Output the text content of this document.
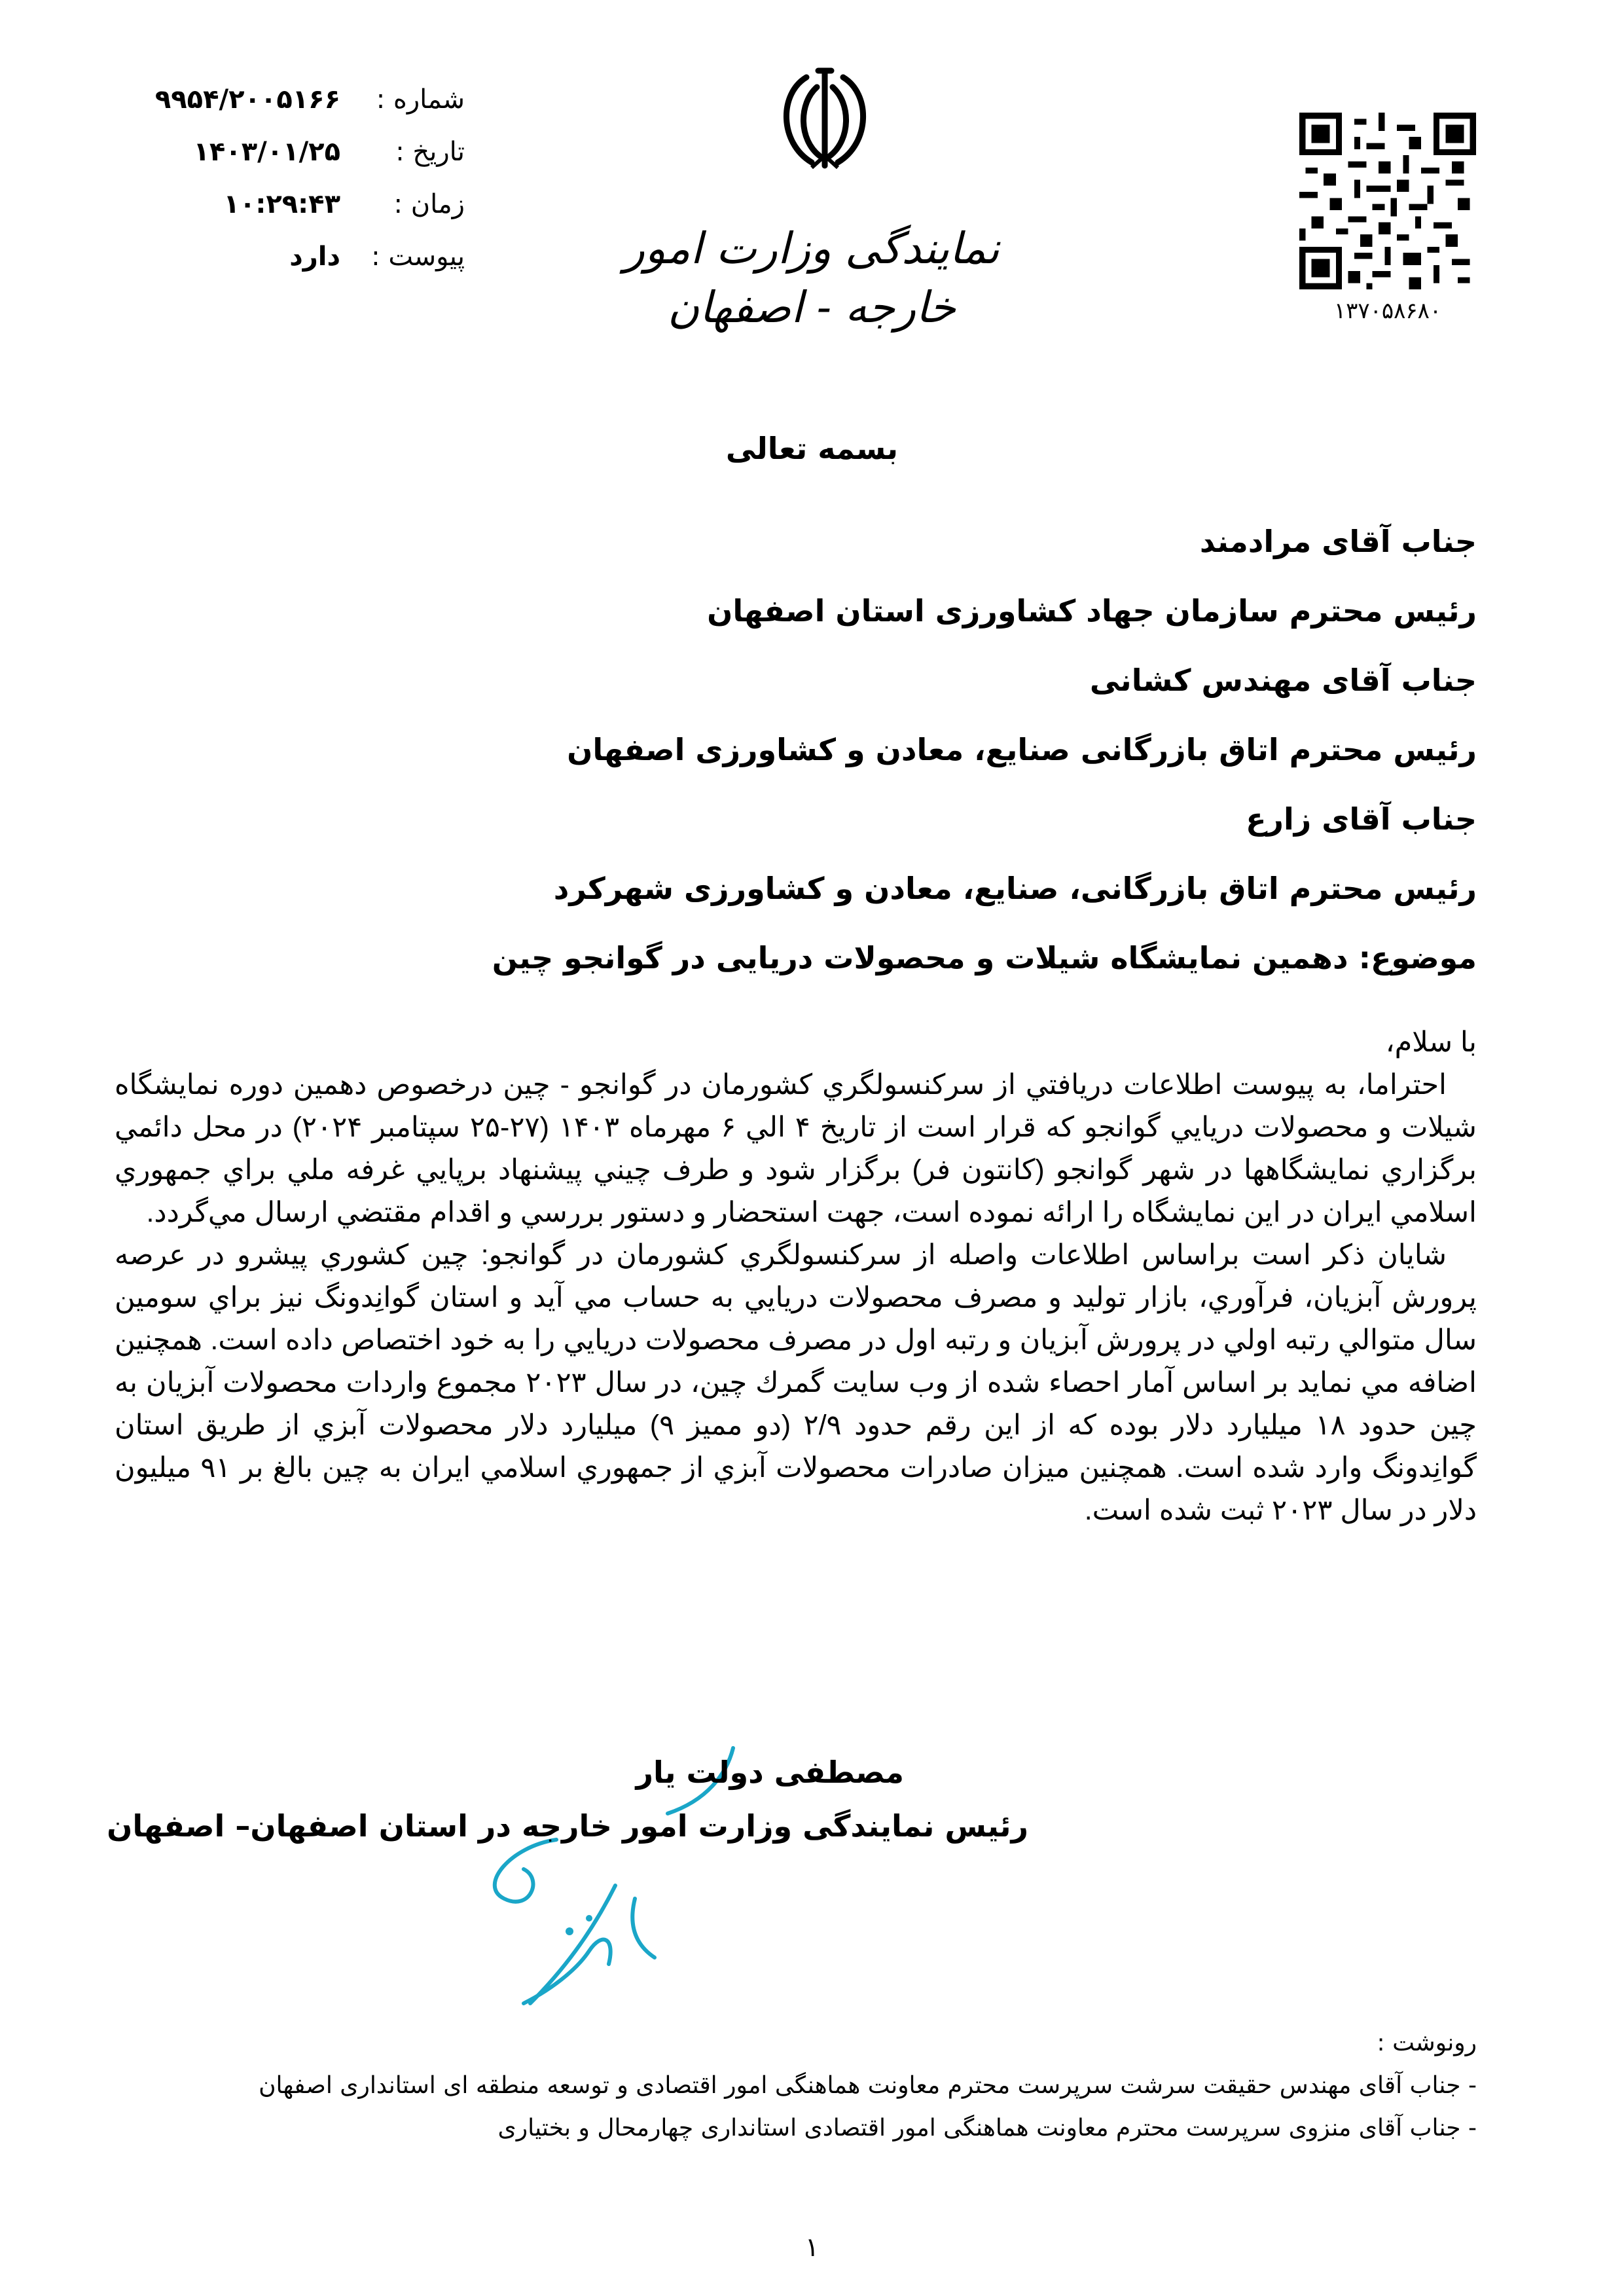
شماره :
۹۹۵۴/۲۰۰۵۱۶۶
تاریخ :
۱۴۰۳/۰۱/۲۵
زمان :
۱۰:۲۹:۴۳
پیوست :
دارد	نمایندگی وزارت امور خارجه - اصفهان	۱۳۷۰۵۸۶۸۰
بسمه تعالی
جناب آقای مرادمند
رئیس محترم سازمان جهاد کشاورزی استان اصفهان
جناب آقای مهندس کشانی
رئیس محترم اتاق بازرگانی صنایع، معادن و کشاورزی اصفهان
جناب آقای زارع
رئیس محترم اتاق بازرگانی، صنایع، معادن و کشاورزی شهرکرد
موضوع: دهمین نمایشگاه شیلات و محصولات دریایی در گوانجو چین

با سلام،

احتراما، به پیوست اطلاعات دريافتي از سرکنسولگري کشورمان در گوانجو - چین درخصوص دهمین دوره نمایشگاه شیلات و محصولات دريايي گوانجو که قرار است از تاریخ ۴ الي ۶ مهرماه ۱۴۰۳ (۲۷-۲۵ سپتامبر ۲۰۲۴) در محل دائمي برگزاري نمايشگاهها در شهر گوانجو (کانتون فر) برگزار شود و طرف چيني پيشنهاد برپايي غرفه ملي براي جمهوري اسلامي ايران در اين نمایشگاه را ارائه نموده است، جهت استحضار و دستور بررسي و اقدام مقتضي ارسال مي‌گردد.

شایان ذکر است براساس اطلاعات واصله از سرکنسولگري کشورمان در گوانجو: چین کشوري پيشرو در عرصه پرورش آبزيان، فرآوري، بازار توليد و مصرف محصولات دريايي به حساب مي آيد و استان گوانِدونگ نيز براي سومين سال متوالي رتبه اولي در پرورش آبزيان و رتبه اول در مصرف محصولات دريايي را به خود اختصاص داده است. همچنين اضافه مي نمايد بر اساس آمار احصاء شده از وب سايت گمرك چين، در سال ۲۰۲۳ مجموع واردات محصولات آبزيان به چين حدود ۱۸ ميليارد دلار بوده كه از اين رقم حدود ۲/۹ (دو مميز ۹) ميليارد دلار محصولات آبزي از طريق استان گوانِدونگ وارد شده است. همچنين ميزان صادرات محصولات آبزي از جمهوري اسلامي ايران به چين بالغ بر ۹۱ ميليون دلار در سال ۲۰۲۳ ثبت شده است.

مصطفی دولت یار
رئیس نمایندگی وزارت امور خارجه در استان اصفهان– اصفهان
رونوشت :
- جناب آقای مهندس حقیقت سرشت سرپرست محترم معاونت هماهنگی امور اقتصادی و توسعه منطقه ای استانداری اصفهان
- جناب آقای منزوی سرپرست محترم معاونت هماهنگی امور اقتصادی استانداری چهارمحال و بختیاری
۱
